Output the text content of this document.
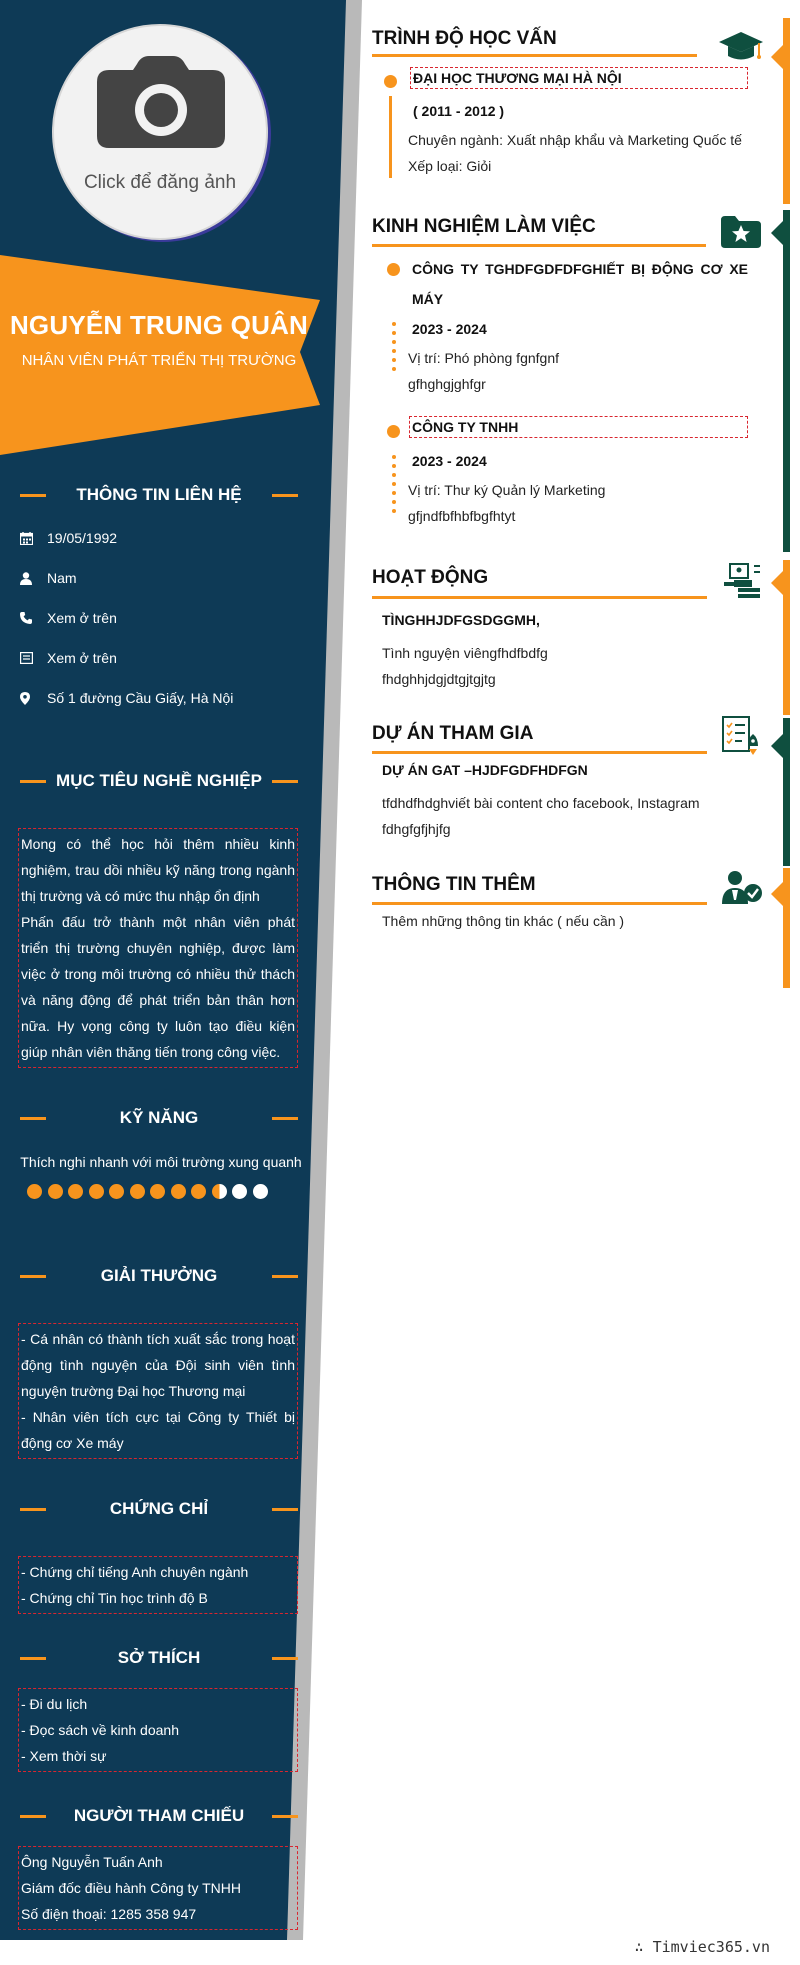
Click để đăng ảnh
NGUYỄN TRUNG QUÂN
NHÂN VIÊN PHÁT TRIỂN THỊ TRƯỜNG
THÔNG TIN LIÊN HỆ
19/05/1992
Nam
Xem ở trên
Xem ở trên
Số 1 đường Cầu Giấy, Hà Nội
MỤC TIÊU NGHỀ NGHIỆP

Mong có thể học hỏi thêm nhiều kinh nghiệm, trau dồi nhiều kỹ năng trong ngành thị trường và có mức thu nhập ổn định

Phấn đấu trở thành một nhân viên phát triển thị trường chuyên nghiệp, được làm việc ở trong môi trường có nhiều thử thách và năng động để phát triển bản thân hơn nữa. Hy vọng công ty luôn tạo điều kiện giúp nhân viên thăng tiến trong công việc.

KỸ NĂNG
Thích nghi nhanh với môi trường xung quanh
GIẢI THƯỞNG

- Cá nhân có thành tích xuất sắc trong hoạt động tình nguyện của Đội sinh viên tình nguyện trường Đại học Thương mại

- Nhân viên tích cực tại Công ty Thiết bị động cơ Xe máy

CHỨNG CHỈ

- Chứng chỉ tiếng Anh chuyên ngành

- Chứng chỉ Tin học trình độ B

SỞ THÍCH

- Đi du lịch

- Đọc sách về kinh doanh

- Xem thời sự

NGƯỜI THAM CHIẾU

Ông Nguyễn Tuấn Anh

Giám đốc điều hành Công ty TNHH

Số điện thoại: 1285 358 947

TRÌNH ĐỘ HỌC VẤN
ĐẠI HỌC THƯƠNG MẠI HÀ NỘI
( 2011 - 2012 )
Chuyên ngành: Xuất nhập khẩu và Marketing Quốc tế
Xếp loại: Giỏi
KINH NGHIỆM LÀM VIỆC
CÔNG TY TGHDFGDFDFGHIẾT BỊ ĐỘNG CƠ XE
MÁY
2023 - 2024
Vị trí: Phó phòng fgnfgnf
gfhghgjghfgr
CÔNG TY TNHH
2023 - 2024
Vị trí: Thư ký Quản lý Marketing
gfjndfbfhbfbgfhtyt
HOẠT ĐỘNG
TÌNGHHJDFGSDGGMH,
Tình nguyện viêngfhdfbdfg
fhdghhjdgjdtgjtgjtg
DỰ ÁN THAM GIA
DỰ ÁN GAT –HJDFGDFHDFGN
tfdhdfhdghviết bài content cho facebook, Instagram
fdhgfgfjhjfg
THÔNG TIN THÊM
Thêm những thông tin khác ( nếu cần )
∴ Timviec365.vn
